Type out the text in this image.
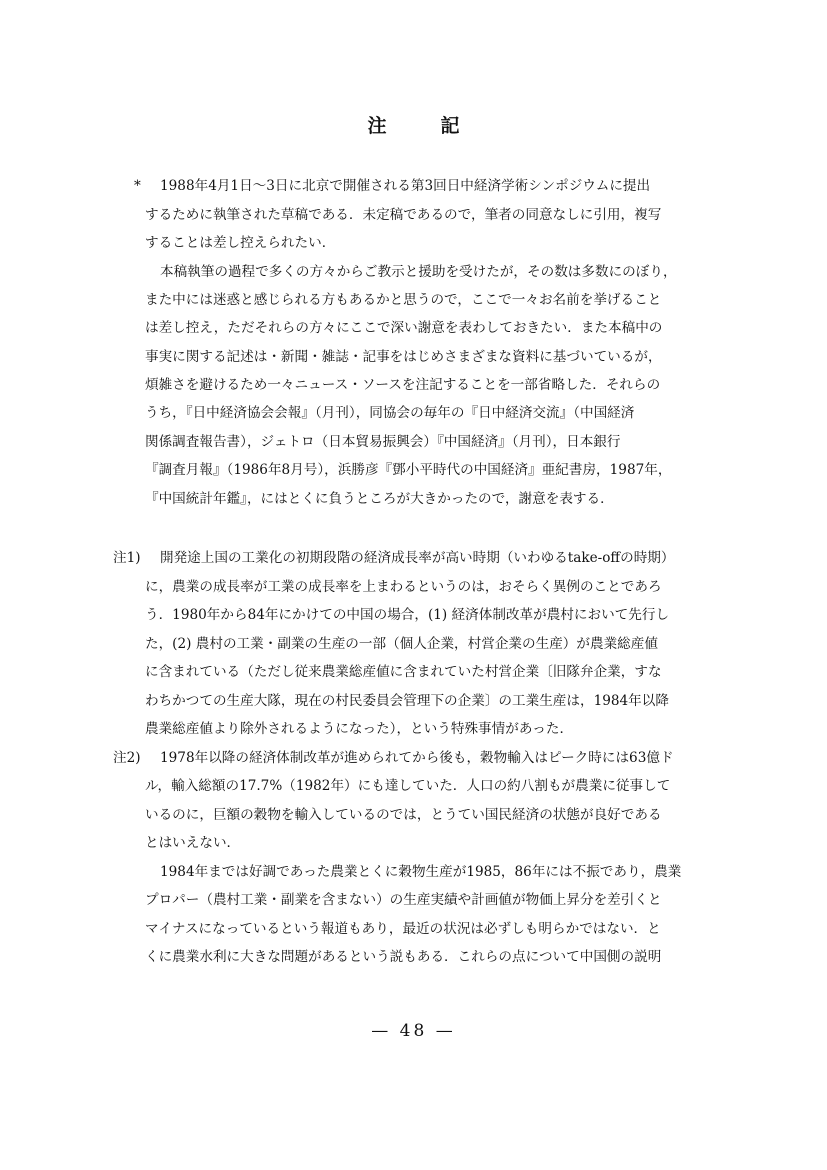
注記
* 1988年4月1日～3日に北京で開催される第3回日中経済学術シンポジウムに提出
するために執筆された草稿である．未定稿であるので，筆者の同意なしに引用，複写
することは差し控えられたい．
本稿執筆の過程で多くの方々からご教示と援助を受けたが，その数は多数にのぼり，
また中には迷惑と感じられる方もあるかと思うので，ここで一々お名前を挙げること
は差し控え，ただそれらの方々にここで深い謝意を表わしておきたい．また本稿中の
事実に関する記述は・新聞・雑誌・記事をはじめさまざまな資料に基づいているが，
煩雑さを避けるため一々ニュース・ソースを注記することを一部省略した．それらの
うち，『日中経済協会会報』（月刊），同協会の毎年の『日中経済交流』（中国経済
関係調査報告書），ジェトロ（日本貿易振興会）『中国経済』（月刊），日本銀行
『調査月報』（1986年8月号），浜勝彦『鄧小平時代の中国経済』亜紀書房，1987年，
『中国統計年鑑』，にはとくに負うところが大きかったので，謝意を表する．
注1) 開発途上国の工業化の初期段階の経済成長率が高い時期（いわゆるtake-offの時期）
に，農業の成長率が工業の成長率を上まわるというのは，おそらく異例のことであろ
う．1980年から84年にかけての中国の場合，(1) 経済体制改革が農村において先行し
た，(2) 農村の工業・副業の生産の一部（個人企業，村営企業の生産）が農業総産値
に含まれている（ただし従来農業総産値に含まれていた村営企業〔旧隊弁企業，すな
わちかつての生産大隊，現在の村民委員会管理下の企業〕の工業生産は，1984年以降
農業総産値より除外されるようになった），という特殊事情があった．
注2) 1978年以降の経済体制改革が進められてから後も，穀物輸入はピーク時には63億ド
ル，輸入総額の17.7%（1982年）にも達していた．人口の約八割もが農業に従事して
いるのに，巨額の穀物を輸入しているのでは，とうてい国民経済の状態が良好である
とはいえない．
1984年までは好調であった農業とくに穀物生産が1985，86年には不振であり，農業
プロパー（農村工業・副業を含まない）の生産実績や計画値が物価上昇分を差引くと
マイナスになっているという報道もあり，最近の状況は必ずしも明らかではない．と
くに農業水利に大きな問題があるという説もある．これらの点について中国側の説明
— 48 —
